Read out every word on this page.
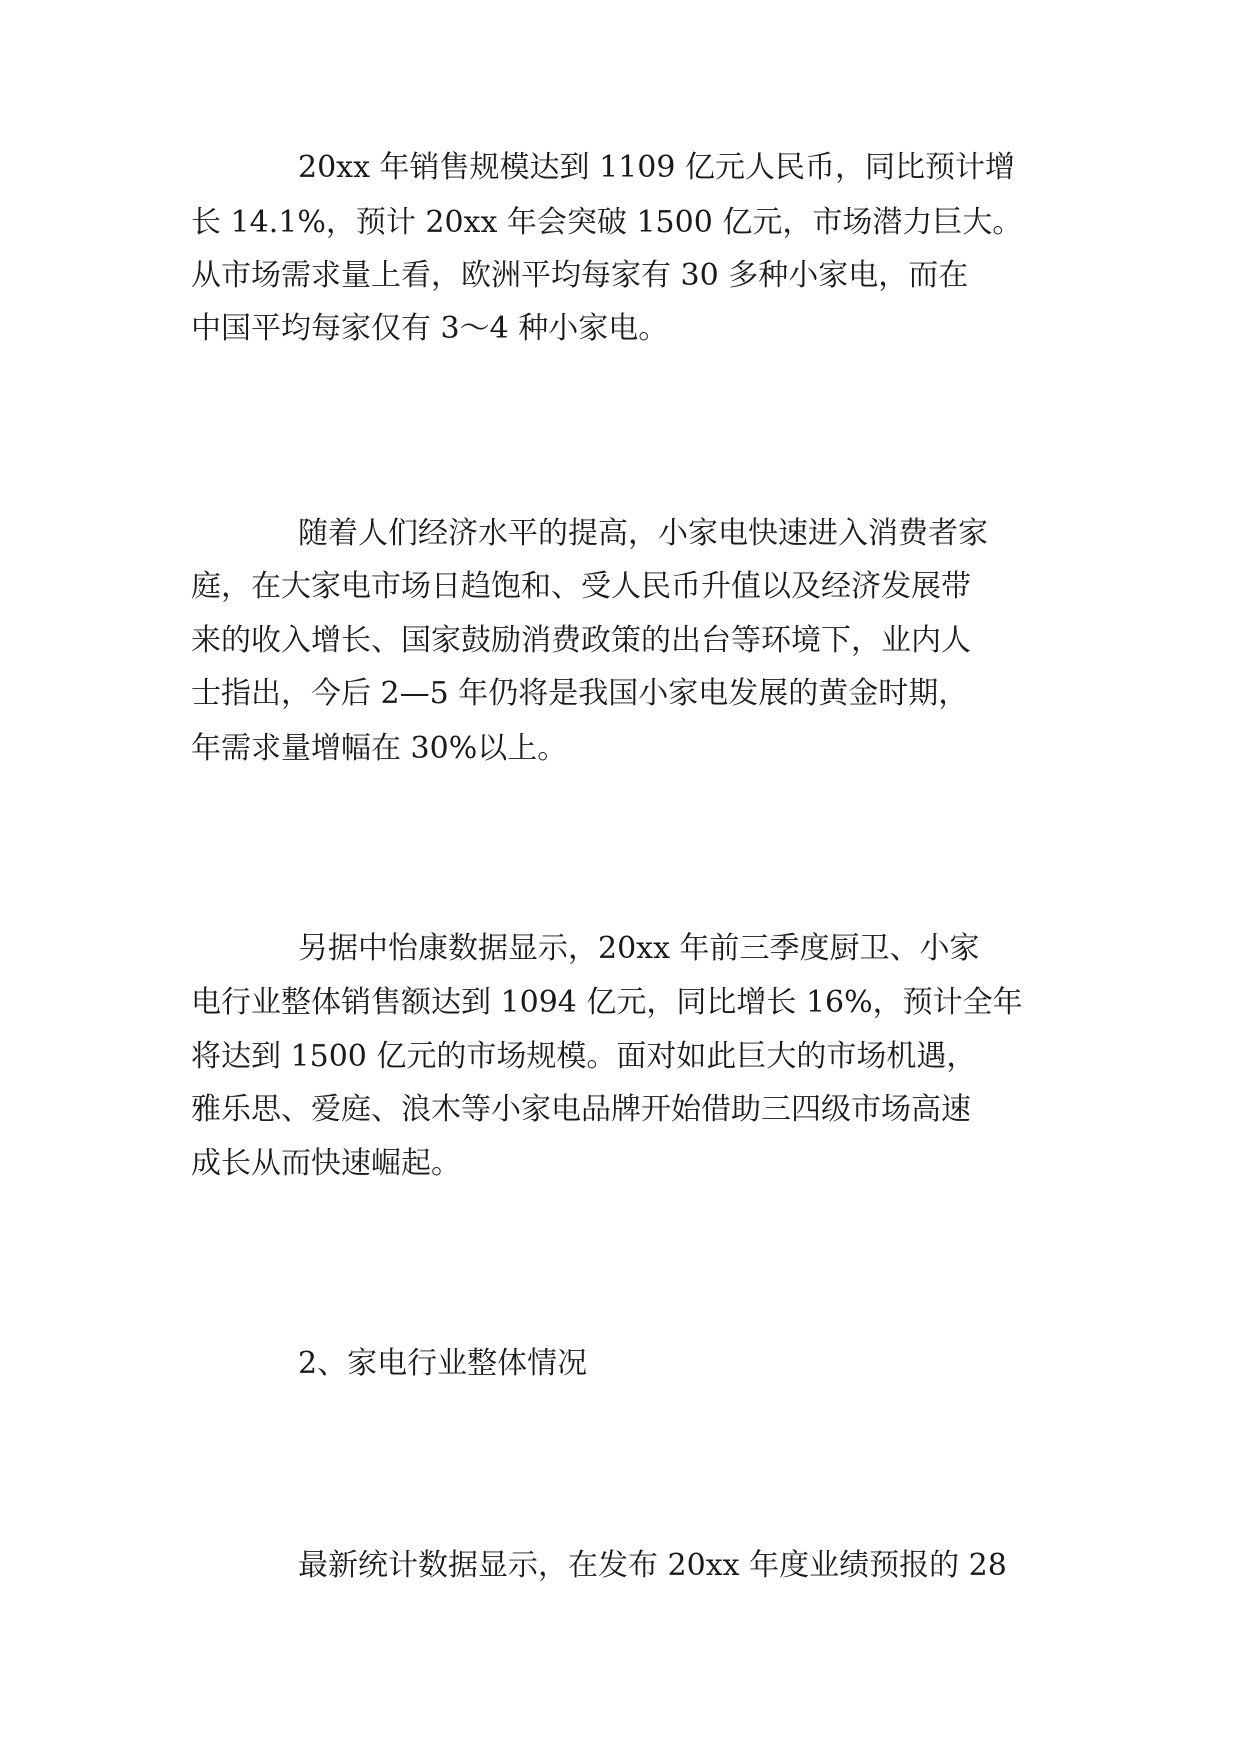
20xx 年销售规模达到 1109 亿元人民币，同比预计增
长 14.1%，预计 20xx 年会突破 1500 亿元，市场潜力巨大。
从市场需求量上看，欧洲平均每家有 30 多种小家电，而在
中国平均每家仅有 3～4 种小家电。
随着人们经济水平的提高，小家电快速进入消费者家
庭，在大家电市场日趋饱和、受人民币升值以及经济发展带
来的收入增长、国家鼓励消费政策的出台等环境下，业内人
士指出，今后 2—5 年仍将是我国小家电发展的黄金时期，
年需求量增幅在 30%以上。
另据中怡康数据显示，20xx 年前三季度厨卫、小家
电行业整体销售额达到 1094 亿元，同比增长 16%，预计全年
将达到 1500 亿元的市场规模。面对如此巨大的市场机遇，
雅乐思、爱庭、浪木等小家电品牌开始借助三四级市场高速
成长从而快速崛起。
2、家电行业整体情况
最新统计数据显示，在发布 20xx 年度业绩预报的 28
